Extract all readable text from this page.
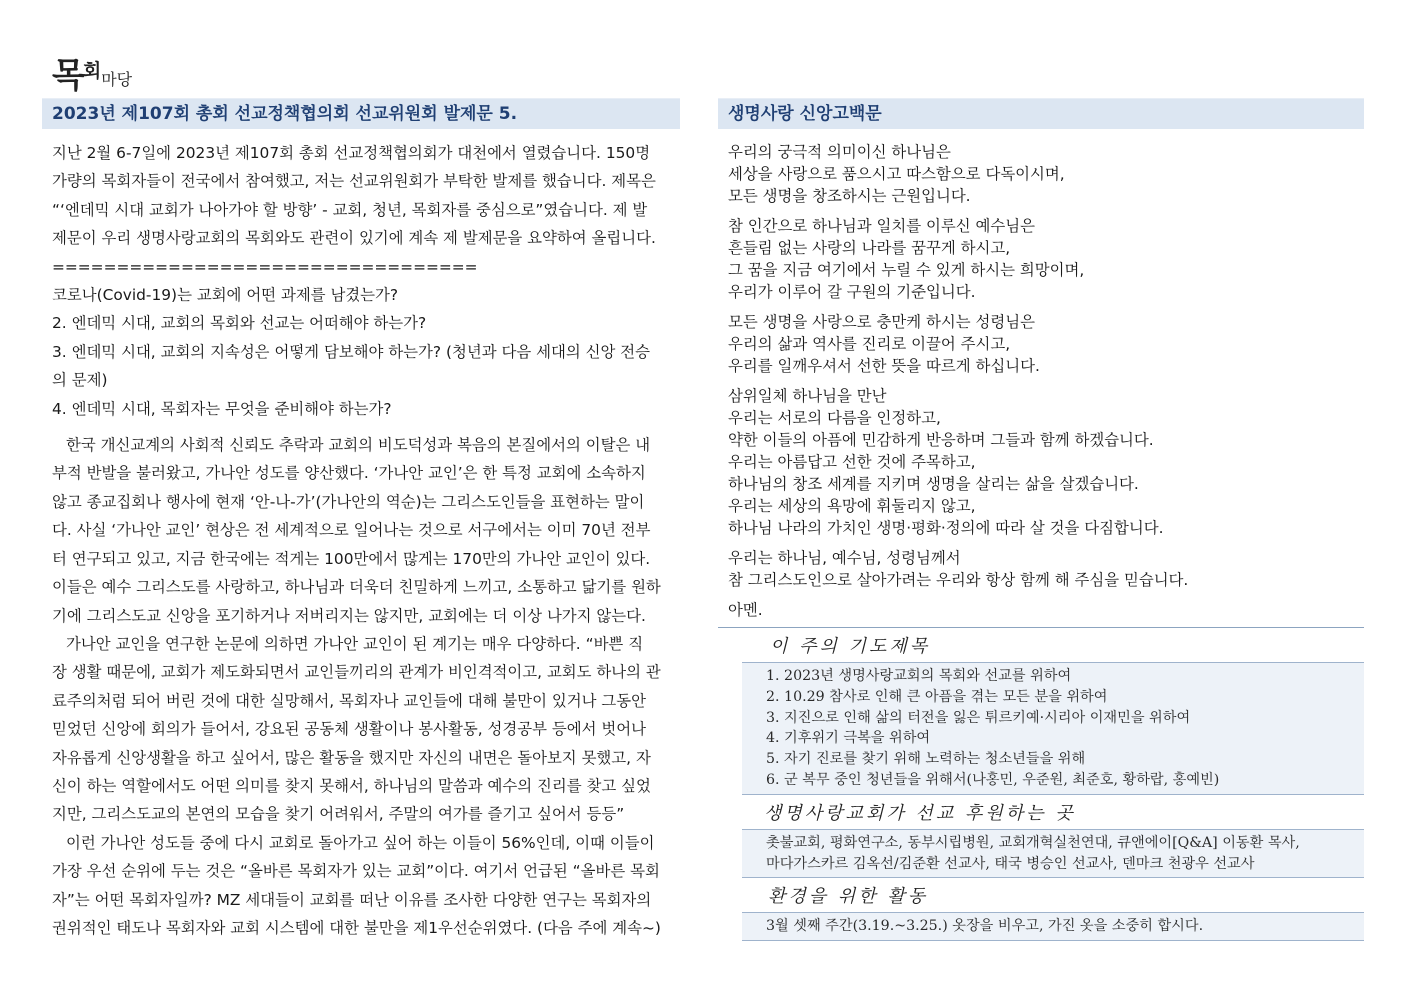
목회마당
2023년 제107회 총회 선교정책협의회 선교위원회 발제문 5.

지난 2월 6-7일에 2023년 제107회 총회 선교정책협의회가 대천에서 열렸습니다. 150명

가량의 목회자들이 전국에서 참여했고, 저는 선교위원회가 부탁한 발제를 했습니다. 제목은

“‘엔데믹 시대 교회가 나아가야 할 방향’ - 교회, 청년, 목회자를 중심으로”였습니다. 제 발

제문이 우리 생명사랑교회의 목회와도 관련이 있기에 계속 제 발제문을 요약하여 올립니다.

=================================

코로나(Covid-19)는 교회에 어떤 과제를 남겼는가?

2. 엔데믹 시대, 교회의 목회와 선교는 어떠해야 하는가?

3. 엔데믹 시대, 교회의 지속성은 어떻게 담보해야 하는가? (청년과 다음 세대의 신앙 전승

의 문제)

4. 엔데믹 시대, 목회자는 무엇을 준비해야 하는가?

한국 개신교계의 사회적 신뢰도 추락과 교회의 비도덕성과 복음의 본질에서의 이탈은 내

부적 반발을 불러왔고, 가나안 성도를 양산했다. ‘가나안 교인’은 한 특정 교회에 소속하지

않고 종교집회나 행사에 현재 ‘안-나-가’(가나안의 역순)는 그리스도인들을 표현하는 말이

다. 사실 ‘가나안 교인’ 현상은 전 세계적으로 일어나는 것으로 서구에서는 이미 70년 전부

터 연구되고 있고, 지금 한국에는 적게는 100만에서 많게는 170만의 가나안 교인이 있다.

이들은 예수 그리스도를 사랑하고, 하나님과 더욱더 친밀하게 느끼고, 소통하고 닮기를 원하

기에 그리스도교 신앙을 포기하거나 저버리지는 않지만, 교회에는 더 이상 나가지 않는다.

가나안 교인을 연구한 논문에 의하면 가나안 교인이 된 계기는 매우 다양하다. “바쁜 직

장 생활 때문에, 교회가 제도화되면서 교인들끼리의 관계가 비인격적이고, 교회도 하나의 관

료주의처럼 되어 버린 것에 대한 실망해서, 목회자나 교인들에 대해 불만이 있거나 그동안

믿었던 신앙에 회의가 들어서, 강요된 공동체 생활이나 봉사활동, 성경공부 등에서 벗어나

자유롭게 신앙생활을 하고 싶어서, 많은 활동을 했지만 자신의 내면은 돌아보지 못했고, 자

신이 하는 역할에서도 어떤 의미를 찾지 못해서, 하나님의 말씀과 예수의 진리를 찾고 싶었

지만, 그리스도교의 본연의 모습을 찾기 어려워서, 주말의 여가를 즐기고 싶어서 등등”

이런 가나안 성도들 중에 다시 교회로 돌아가고 싶어 하는 이들이 56%인데, 이때 이들이

가장 우선 순위에 두는 것은 “올바른 목회자가 있는 교회”이다. 여기서 언급된 “올바른 목회

자”는 어떤 목회자일까? MZ 세대들이 교회를 떠난 이유를 조사한 다양한 연구는 목회자의

권위적인 태도나 목회자와 교회 시스템에 대한 불만을 제1우선순위였다. (다음 주에 계속~)

생명사랑 신앙고백문
우리의 궁극적 의미이신 하나님은
세상을 사랑으로 품으시고 따스함으로 다독이시며,
모든 생명을 창조하시는 근원입니다.
참 인간으로 하나님과 일치를 이루신 예수님은
흔들림 없는 사랑의 나라를 꿈꾸게 하시고,
그 꿈을 지금 여기에서 누릴 수 있게 하시는 희망이며,
우리가 이루어 갈 구원의 기준입니다.
모든 생명을 사랑으로 충만케 하시는 성령님은
우리의 삶과 역사를 진리로 이끌어 주시고,
우리를 일깨우셔서 선한 뜻을 따르게 하십니다.
삼위일체 하나님을 만난
우리는 서로의 다름을 인정하고,
약한 이들의 아픔에 민감하게 반응하며 그들과 함께 하겠습니다.
우리는 아름답고 선한 것에 주목하고,
하나님의 창조 세계를 지키며 생명을 살리는 삶을 살겠습니다.
우리는 세상의 욕망에 휘둘리지 않고,
하나님 나라의 가치인 생명·평화·정의에 따라 살 것을 다짐합니다.
우리는 하나님, 예수님, 성령님께서
참 그리스도인으로 살아가려는 우리와 항상 함께 해 주심을 믿습니다.
아멘.
이 주의 기도제목
1. 2023년 생명사랑교회의 목회와 선교를 위하여
2. 10.29 참사로 인해 큰 아픔을 겪는 모든 분을 위하여
3. 지진으로 인해 삶의 터전을 잃은 튀르키예·시리아 이재민을 위하여
4. 기후위기 극복을 위하여
5. 자기 진로를 찾기 위해 노력하는 청소년들을 위해
6. 군 복무 중인 청년들을 위해서(나홍민, 우준원, 최준호, 황하랍, 홍예빈)
생명사랑교회가 선교 후원하는 곳
촛불교회, 평화연구소, 동부시립병원, 교회개혁실천연대, 큐앤에이[Q&A] 이동환 목사,
마다가스카르 김옥선/김준환 선교사, 태국 병승인 선교사, 덴마크 천광우 선교사
환경을 위한 활동
3월 셋째 주간(3.19.~3.25.) 옷장을 비우고, 가진 옷을 소중히 합시다.
